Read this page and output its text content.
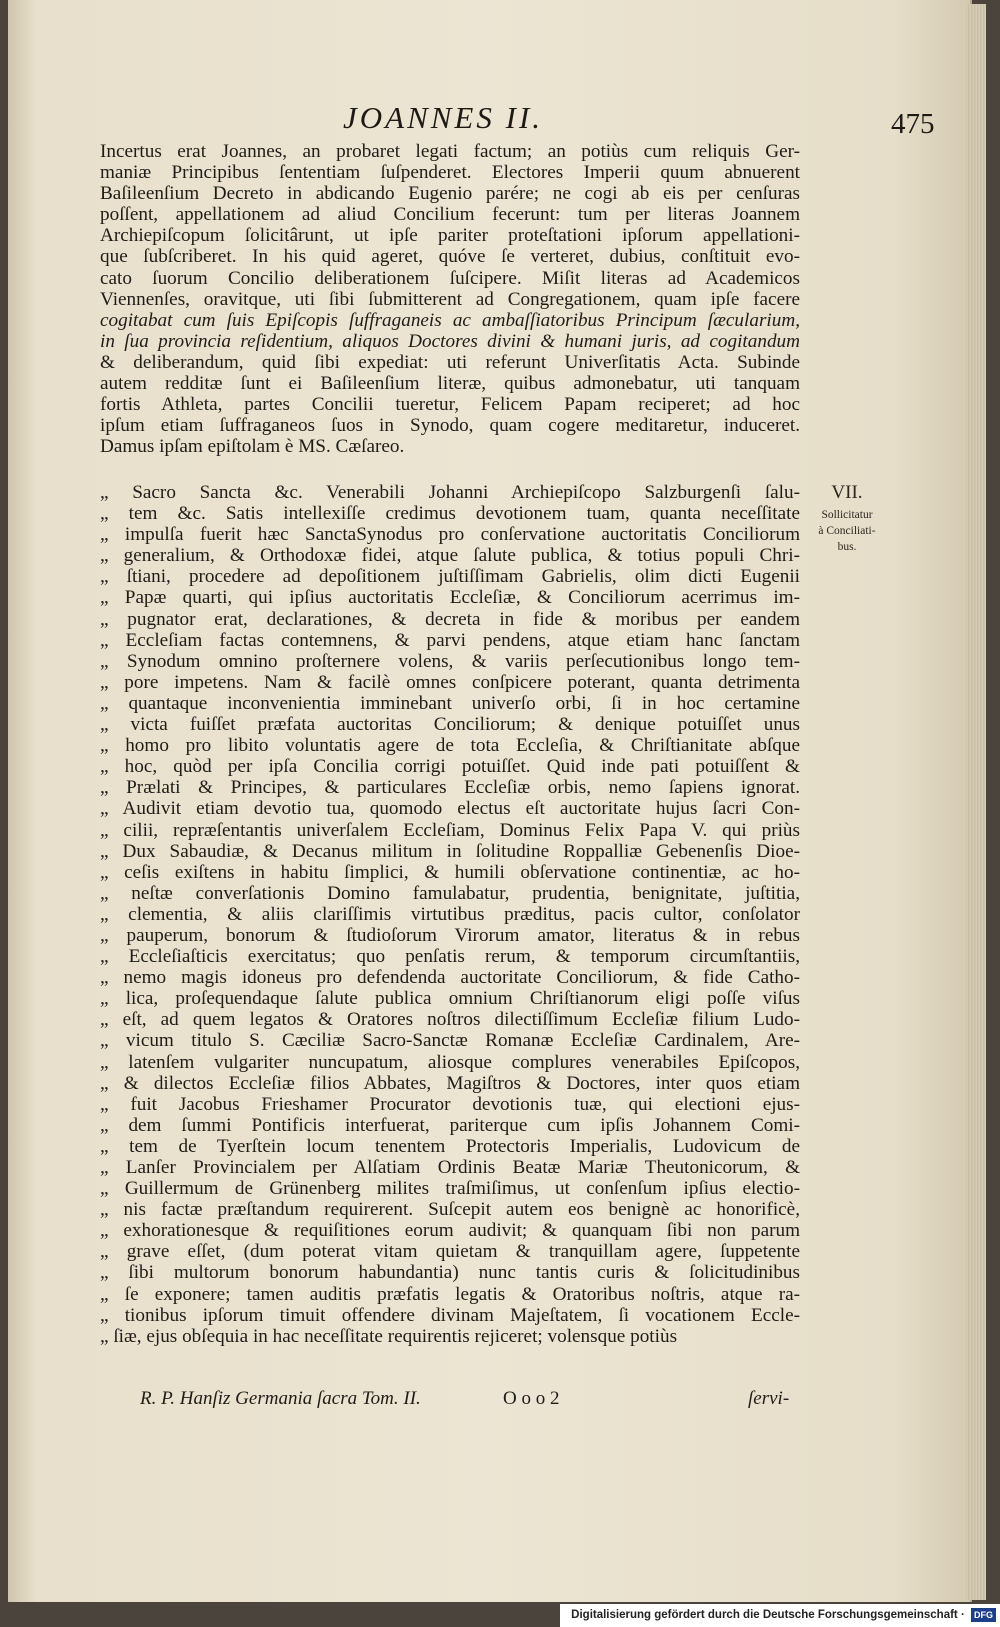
JOANNES II.	475
Incertus erat Joannes, an probaret legati factum; an potiùs cum reliquis Ger-
maniæ Principibus ſententiam ſuſpenderet. Electores Imperii quum abnuerent
Baſileenſium Decreto in abdicando Eugenio parére; ne cogi ab eis per cenſuras
poſſent, appellationem ad aliud Concilium fecerunt: tum per literas Joannem
Archiepiſcopum ſolicitârunt, ut ipſe pariter proteſtationi ipſorum appellationi-
que ſubſcriberet. In his quid ageret, quóve ſe verteret, dubius, conſtituit evo-
cato ſuorum Concilio deliberationem ſuſcipere. Miſit literas ad Academicos
Viennenſes, oravitque, uti ſibi ſubmitterent ad Congregationem, quam ipſe facere
cogitabat cum ſuis Epiſcopis ſuffraganeis ac ambaſſiatoribus Principum ſæcularium,
in ſua provincia reſidentium, aliquos Doctores divini & humani juris, ad cogitandum
& deliberandum, quid ſibi expediat: uti referunt Univerſitatis Acta. Subinde
autem redditæ ſunt ei Baſileenſium literæ, quibus admonebatur, uti tanquam
fortis Athleta, partes Concilii tueretur, Felicem Papam reciperet; ad hoc
ipſum etiam ſuffraganeos ſuos in Synodo, quam cogere meditaretur, induceret.
Damus ipſam epiſtolam è MS. Cæſareo.
„ Sacro Sancta &c. Venerabili Johanni Archiepiſcopo Salzburgenſi ſalu-
„ tem &c. Satis intellexiſſe credimus devotionem tuam, quanta neceſſitate
„ impulſa fuerit hæc SanctaSynodus pro conſervatione auctoritatis Conciliorum
„ generalium, & Orthodoxæ fidei, atque ſalute publica, & totius populi Chri-
„ ſtiani, procedere ad depoſitionem juſtiſſimam Gabrielis, olim dicti Eugenii
„ Papæ quarti, qui ipſius auctoritatis Eccleſiæ, & Conciliorum acerrimus im-
„ pugnator erat, declarationes, & decreta in fide & moribus per eandem
„ Eccleſiam factas contemnens, & parvi pendens, atque etiam hanc ſanctam
„ Synodum omnino proſternere volens, & variis perſecutionibus longo tem-
„ pore impetens. Nam & facilè omnes conſpicere poterant, quanta detrimenta
„ quantaque inconvenientia imminebant univerſo orbi, ſi in hoc certamine
„ victa fuiſſet præfata auctoritas Conciliorum; & denique potuiſſet unus
„ homo pro libito voluntatis agere de tota Eccleſia, & Chriſtianitate abſque
„ hoc, quòd per ipſa Concilia corrigi potuiſſet. Quid inde pati potuiſſent &
„ Prælati & Principes, & particulares Eccleſiæ orbis, nemo ſapiens ignorat.
„ Audivit etiam devotio tua, quomodo electus eſt auctoritate hujus ſacri Con-
„ cilii, repræſentantis univerſalem Eccleſiam, Dominus Felix Papa V. qui priùs
„ Dux Sabaudiæ, & Decanus militum in ſolitudine Roppalliæ Gebenenſis Dioe-
„ ceſis exiſtens in habitu ſimplici, & humili obſervatione continentiæ, ac ho-
„ neſtæ converſationis Domino famulabatur, prudentia, benignitate, juſtitia,
„ clementia, & aliis clariſſimis virtutibus præditus, pacis cultor, conſolator
„ pauperum, bonorum & ſtudioſorum Virorum amator, literatus & in rebus
„ Eccleſiaſticis exercitatus; quo penſatis rerum, & temporum circumſtantiis,
„ nemo magis idoneus pro defendenda auctoritate Conciliorum, & fide Catho-
„ lica, proſequendaque ſalute publica omnium Chriſtianorum eligi poſſe viſus
„ eſt, ad quem legatos & Oratores noſtros dilectiſſimum Eccleſiæ filium Ludo-
„ vicum titulo S. Cæciliæ Sacro-Sanctæ Romanæ Eccleſiæ Cardinalem, Are-
„ latenſem vulgariter nuncupatum, aliosque complures venerabiles Epiſcopos,
„ & dilectos Eccleſiæ filios Abbates, Magiſtros & Doctores, inter quos etiam
„ fuit Jacobus Frieshamer Procurator devotionis tuæ, qui electioni ejus-
„ dem ſummi Pontificis interfuerat, pariterque cum ipſis Johannem Comi-
„ tem de Tyerſtein locum tenentem Protectoris Imperialis, Ludovicum de
„ Lanſer Provincialem per Alſatiam Ordinis Beatæ Mariæ Theutonicorum, &
„ Guillermum de Grünenberg milites traſmiſimus, ut conſenſum ipſius electio-
„ nis factæ præſtandum requirerent. Suſcepit autem eos benignè ac honorificè,
„ exhorationesque & requiſitiones eorum audivit; & quanquam ſibi non parum
„ grave eſſet, (dum poterat vitam quietam & tranquillam agere, ſuppetente
„ ſibi multorum bonorum habundantia) nunc tantis curis & ſolicitudinibus
„ ſe exponere; tamen auditis præfatis legatis & Oratoribus noſtris, atque ra-
„ tionibus ipſorum timuit offendere divinam Majeſtatem, ſi vocationem Eccle-
„ ſiæ, ejus obſequia in hac neceſſitate requirentis rejiceret; volensque potiùs
VII.
Sollicitatur
à Conciliati-
bus.
R. P. Hanſiz Germania ſacra Tom. II.	O o o 2	ſervi-
Digitalisierung gefördert durch die Deutsche Forschungsgemeinschaft · DFG
